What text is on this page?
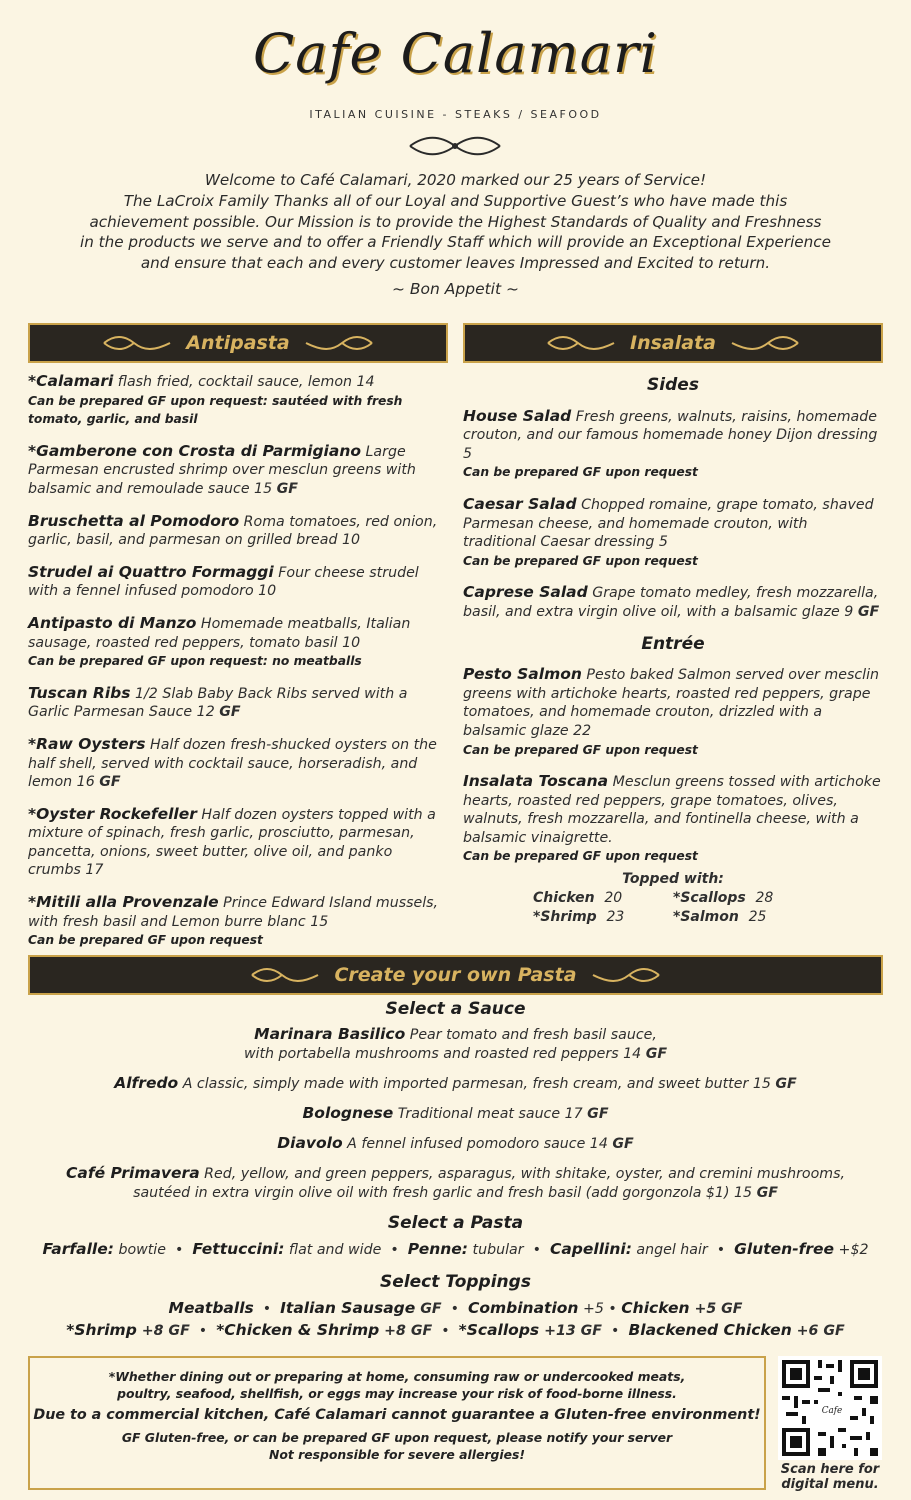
Cafe Calamari
ITALIAN CUISINE - STEAKS / SEAFOOD
Welcome to Café Calamari, 2020 marked our 25 years of Service!
The LaCroix Family Thanks all of our Loyal and Supportive Guest’s who have made this
achievement possible. Our Mission is to provide the Highest Standards of Quality and Freshness
in the products we serve and to offer a Friendly Staff which will provide an Exceptional Experience
and ensure that each and every customer leaves Impressed and Excited to return.
~ Bon Appetit ~
Antipasta	Insalata
*Calamari flash fried, cocktail sauce, lemon 14
Can be prepared GF upon request: sautéed with fresh tomato, garlic, and basil
*Gamberone con Crosta di Parmigiano Large Parmesan encrusted shrimp over mesclun greens with balsamic and remoulade sauce 15 GF
Bruschetta al Pomodoro Roma tomatoes, red onion, garlic, basil, and parmesan on grilled bread 10
Strudel ai Quattro Formaggi Four cheese strudel with a fennel infused pomodoro 10
Antipasto di Manzo Homemade meatballs, Italian sausage, roasted red peppers, tomato basil 10
Can be prepared GF upon request: no meatballs
Tuscan Ribs 1/2 Slab Baby Back Ribs served with a Garlic Parmesan Sauce 12 GF
*Raw Oysters Half dozen fresh-shucked oysters on the half shell, served with cocktail sauce, horseradish, and lemon 16 GF
*Oyster Rockefeller Half dozen oysters topped with a mixture of spinach, fresh garlic, prosciutto, parmesan, pancetta, onions, sweet butter, olive oil, and panko crumbs 17
*Mitili alla Provenzale Prince Edward Island mussels, with fresh basil and Lemon burre blanc 15
Can be prepared GF upon request
Sides
House Salad Fresh greens, walnuts, raisins, homemade crouton, and our famous homemade honey Dijon dressing 5
Can be prepared GF upon request
Caesar Salad Chopped romaine, grape tomato, shaved Parmesan cheese, and homemade crouton, with traditional Caesar dressing 5
Can be prepared GF upon request
Caprese Salad Grape tomato medley, fresh mozzarella, basil, and extra virgin olive oil, with a balsamic glaze 9 GF
Entrée
Pesto Salmon Pesto baked Salmon served over mesclin greens with artichoke hearts, roasted red peppers, grape tomatoes, and homemade crouton, drizzled with a balsamic glaze 22
Can be prepared GF upon request
Insalata Toscana Mesclun greens tossed with artichoke hearts, roasted red peppers, grape tomatoes, olives, walnuts, fresh mozzarella, and fontinella cheese, with a balsamic vinaigrette.
Can be prepared GF upon request
Topped with:
Chicken 20	*Scallops 28
*Shrimp 23	*Salmon 25
Create your own Pasta
Select a Sauce
Marinara Basilico Pear tomato and fresh basil sauce,
with portabella mushrooms and roasted red peppers 14 GF
Alfredo A classic, simply made with imported parmesan, fresh cream, and sweet butter 15 GF
Bolognese Traditional meat sauce 17 GF
Diavolo A fennel infused pomodoro sauce 14 GF
Café Primavera Red, yellow, and green peppers, asparagus, with shitake, oyster, and cremini mushrooms,
sautéed in extra virgin olive oil with fresh garlic and fresh basil (add gorgonzola $1) 15 GF
Select a Pasta
Farfalle: bowtie  •  Fettuccini: flat and wide  •  Penne: tubular  •  Capellini: angel hair  •  Gluten-free +$2
Select Toppings
Meatballs  •  Italian Sausage GF  •  Combination +5 • Chicken +5 GF
*Shrimp +8 GF  •  *Chicken & Shrimp +8 GF  •  *Scallops +13 GF  •  Blackened Chicken +6 GF
*Whether dining out or preparing at home, consuming raw or undercooked meats,
poultry, seafood, shellfish, or eggs may increase your risk of food-borne illness.
Due to a commercial kitchen, Café Calamari cannot guarantee a Gluten-free environment!
GF Gluten-free, or can be prepared GF upon request, please notify your server
Not responsible for severe allergies!
Cafe
Scan here for
digital menu.
